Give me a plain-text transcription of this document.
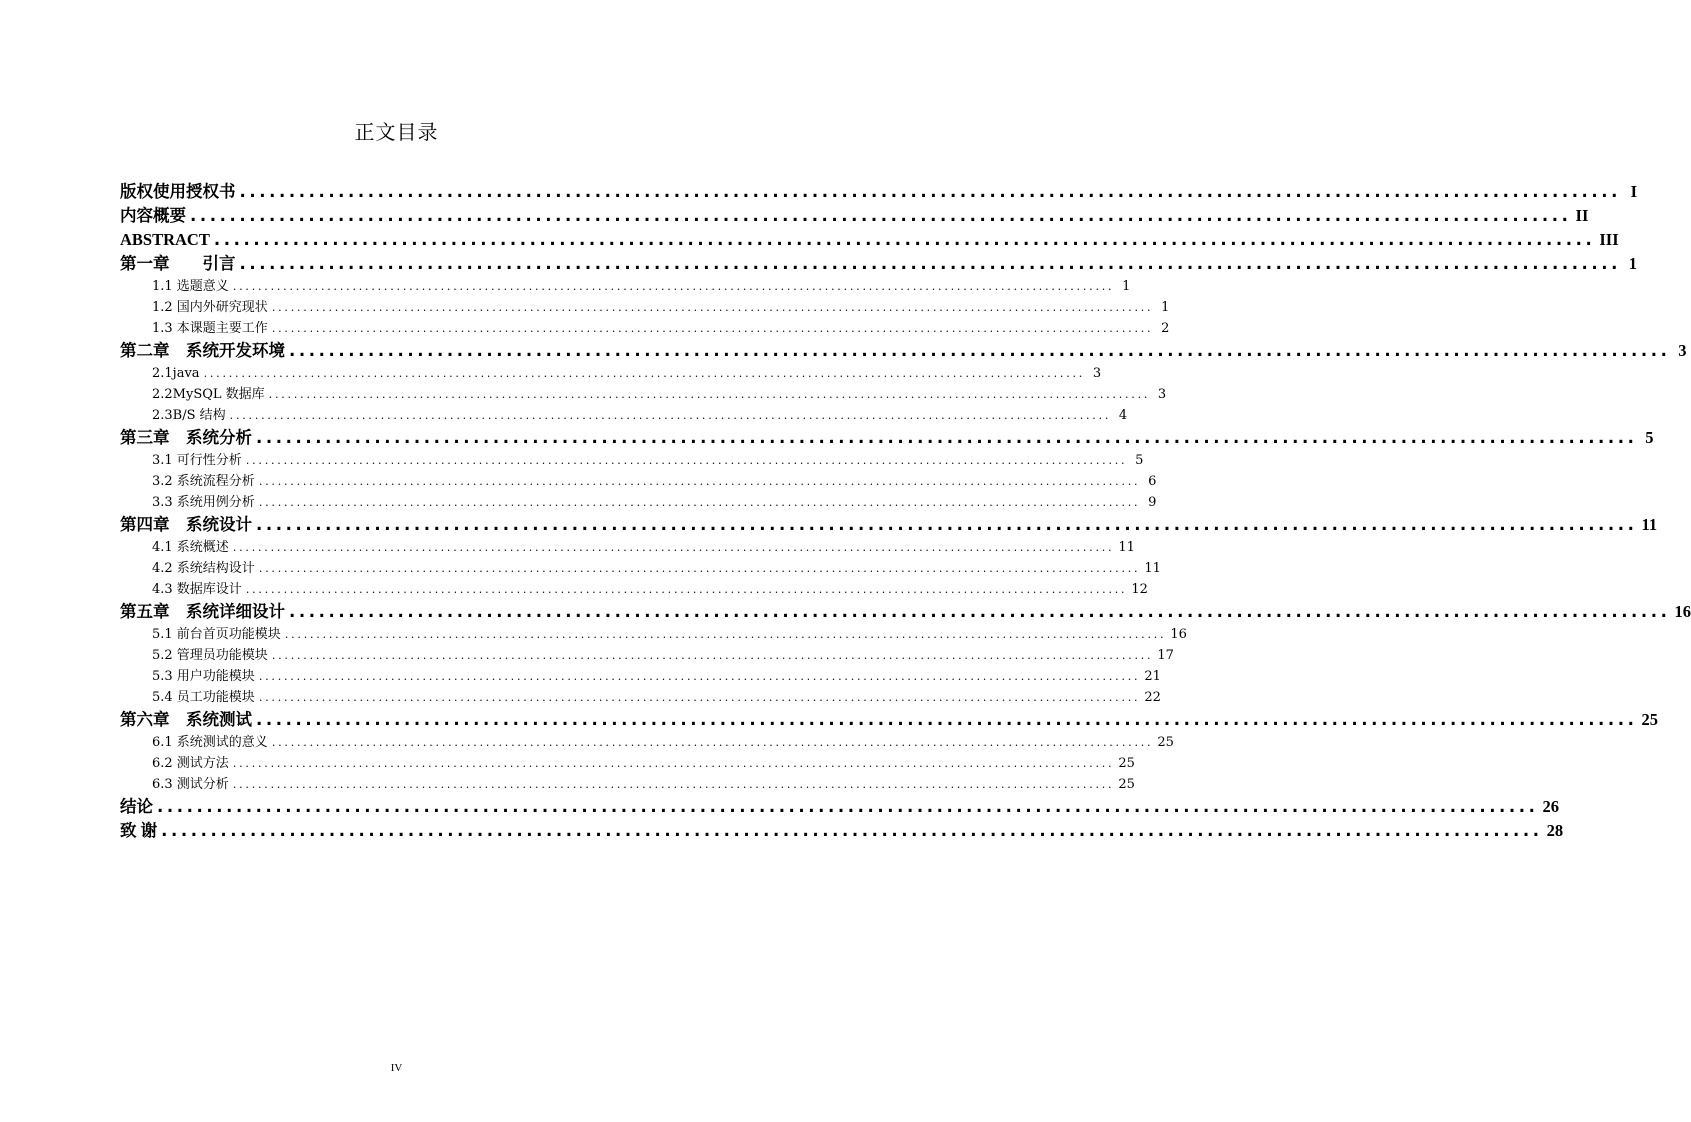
正文目录
版权使用授权书 ............................................................................................................................................ I
内容概要 ............................................................................................................................................ II
ABSTRACT ............................................................................................................................................ III
第一章　　引言 ............................................................................................................................................ 1
1.1 选题意义 ............................................................................................................................................ 1
1.2 国内外研究现状 ............................................................................................................................................ 1
1.3 本课题主要工作 ............................................................................................................................................ 2
第二章　系统开发环境 ............................................................................................................................................ 3
2.1java ............................................................................................................................................ 3
2.2MySQL 数据库 ............................................................................................................................................ 3
2.3B/S 结构 ............................................................................................................................................ 4
第三章　系统分析 ............................................................................................................................................ 5
3.1 可行性分析 ............................................................................................................................................ 5
3.2 系统流程分析 ............................................................................................................................................ 6
3.3 系统用例分析 ............................................................................................................................................ 9
第四章　系统设计 ............................................................................................................................................ 11
4.1 系统概述 ............................................................................................................................................ 11
4.2 系统结构设计 ............................................................................................................................................ 11
4.3 数据库设计 ............................................................................................................................................ 12
第五章　系统详细设计 ............................................................................................................................................ 16
5.1 前台首页功能模块 ............................................................................................................................................ 16
5.2 管理员功能模块 ............................................................................................................................................ 17
5.3 用户功能模块 ............................................................................................................................................ 21
5.4 员工功能模块 ............................................................................................................................................ 22
第六章　系统测试 ............................................................................................................................................ 25
6.1 系统测试的意义 ............................................................................................................................................ 25
6.2 测试方法 ............................................................................................................................................ 25
6.3 测试分析 ............................................................................................................................................ 25
结论 ............................................................................................................................................ 26
致 谢 ............................................................................................................................................ 28
IV
